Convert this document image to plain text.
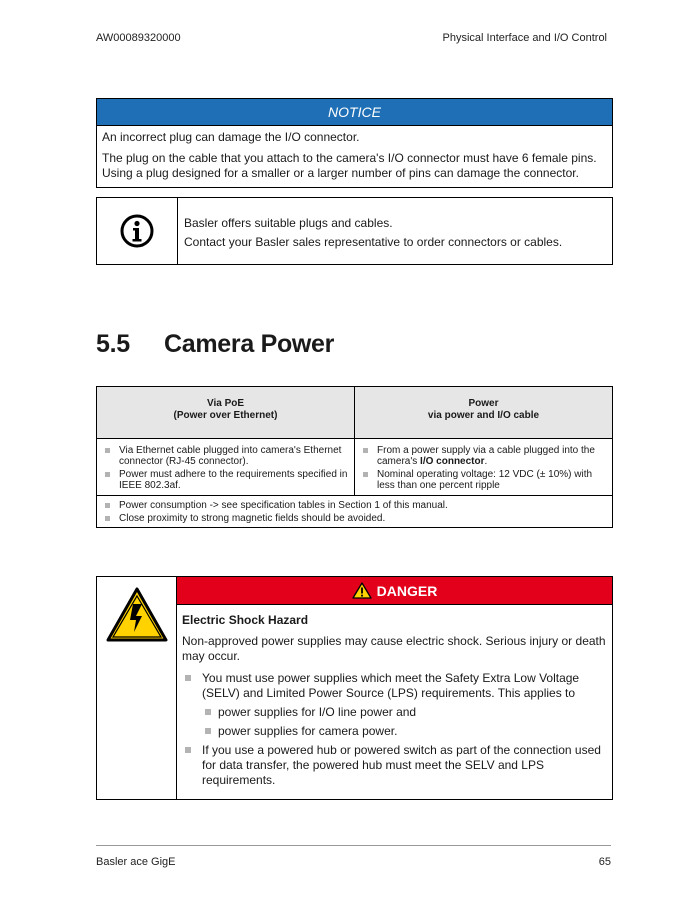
AW00089320000	Physical Interface and I/O Control
NOTICE

An incorrect plug can damage the I/O connector.

The plug on the cable that you attach to the camera's I/O connector must have 6 female pins. Using a plug designed for a smaller or a larger number of pins can damage the connector.

Basler offers suitable plugs and cables.

Contact your Basler sales representative to order connectors or cables.

5.5 Camera Power
Via PoE
(Power over Ethernet)
Power
via power and I/O cable
Via Ethernet cable plugged into camera's Ethernet connector (RJ-45 connector).
Power must adhere to the requirements specified in IEEE 802.3af.
From a power supply via a cable plugged into the camera's I/O connector.
Nominal operating voltage: 12 VDC (± 10%) with less than one percent ripple
Power consumption -> see specification tables in Section 1 of this manual.
Close proximity to strong magnetic fields should be avoided.
DANGER

Electric Shock Hazard

Non-approved power supplies may cause electric shock. Serious injury or death may occur.

You must use power supplies which meet the Safety Extra Low Voltage (SELV) and Limited Power Source (LPS) requirements. This applies to
power supplies for I/O line power and
power supplies for camera power.
If you use a powered hub or powered switch as part of the connection used for data transfer, the powered hub must meet the SELV and LPS requirements.
Basler ace GigE	65
